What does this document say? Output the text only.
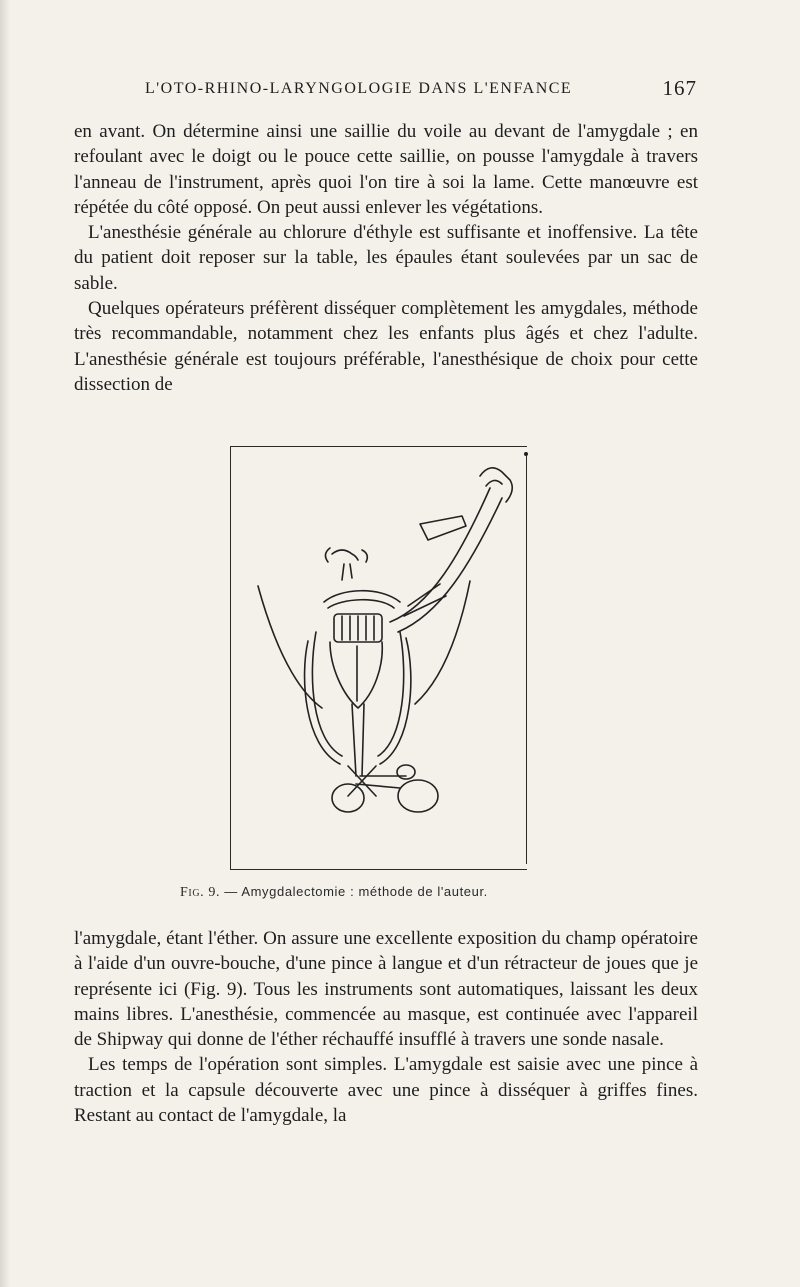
L'OTO-RHINO-LARYNGOLOGIE DANS L'ENFANCE	167

en avant. On détermine ainsi une saillie du voile au devant de l'amygdale ; en refoulant avec le doigt ou le pouce cette saillie, on pousse l'amygdale à travers l'anneau de l'instrument, après quoi l'on tire à soi la lame. Cette manœuvre est répétée du côté opposé. On peut aussi enlever les végétations.

L'anesthésie générale au chlorure d'éthyle est suffisante et inoffensive. La tête du patient doit reposer sur la table, les épaules étant soulevées par un sac de sable.

Quelques opérateurs préfèrent disséquer complètement les amygdales, méthode très recommandable, notamment chez les enfants plus âgés et chez l'adulte. L'anesthésie générale est toujours préférable, l'anesthésique de choix pour cette dissection de

Fig. 9. — Amygdalectomie : méthode de l'auteur.

l'amygdale, étant l'éther. On assure une excellente exposition du champ opératoire à l'aide d'un ouvre-bouche, d'une pince à langue et d'un rétracteur de joues que je représente ici (Fig. 9). Tous les instruments sont automatiques, laissant les deux mains libres. L'anesthésie, commencée au masque, est continuée avec l'appareil de Shipway qui donne de l'éther réchauffé insufflé à travers une sonde nasale.

Les temps de l'opération sont simples. L'amygdale est saisie avec une pince à traction et la capsule découverte avec une pince à disséquer à griffes fines. Restant au contact de l'amygdale, la
